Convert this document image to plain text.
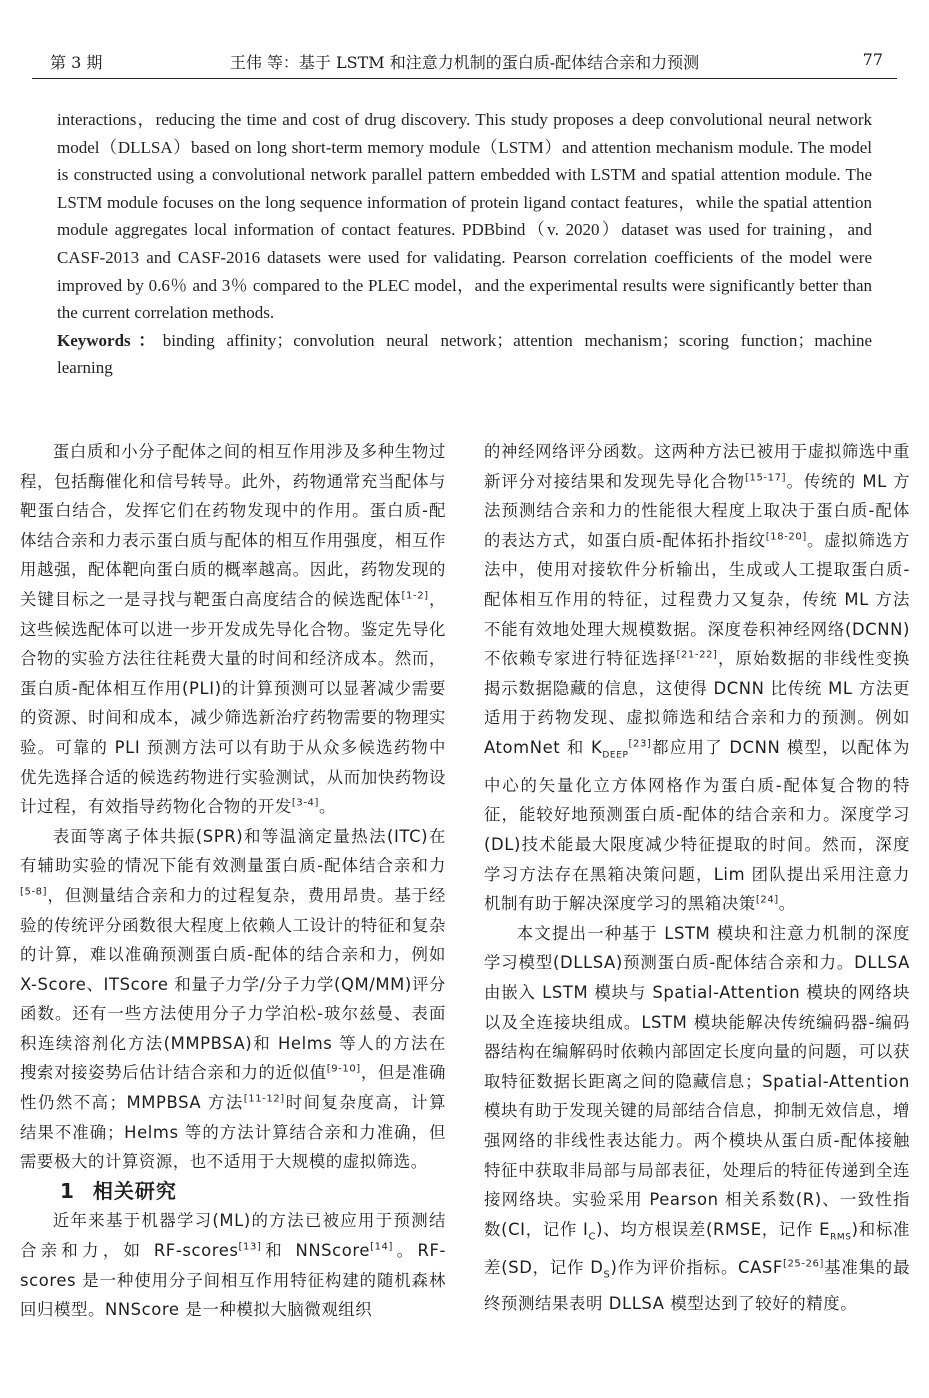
第 3 期	王伟 等：基于 LSTM 和注意力机制的蛋白质-配体结合亲和力预测	77

interactions，reducing the time and cost of drug discovery. This study proposes a deep convolutional neural network model（DLLSA）based on long short-term memory module（LSTM）and attention mechanism module. The model is constructed using a convolutional network parallel pattern embedded with LSTM and spatial attention module. The LSTM module focuses on the long sequence information of protein ligand contact features，while the spatial attention module aggregates local information of contact features. PDBbind（v. 2020）dataset was used for training，and CASF-2013 and CASF-2016 datasets were used for validating. Pearson correlation coefficients of the model were improved by 0.6％ and 3％ compared to the PLEC model，and the experimental results were significantly better than the current correlation methods.

Keywords：binding affinity；convolution neural network；attention mechanism；scoring function；machine learning

蛋白质和小分子配体之间的相互作用涉及多种生物过程，包括酶催化和信号转导。此外，药物通常充当配体与靶蛋白结合，发挥它们在药物发现中的作用。蛋白质-配体结合亲和力表示蛋白质与配体的相互作用强度，相互作用越强，配体靶向蛋白质的概率越高。因此，药物发现的关键目标之一是寻找与靶蛋白高度结合的候选配体[1-2]，这些候选配体可以进一步开发成先导化合物。鉴定先导化合物的实验方法往往耗费大量的时间和经济成本。然而，蛋白质-配体相互作用(PLI)的计算预测可以显著减少需要的资源、时间和成本，减少筛选新治疗药物需要的物理实验。可靠的 PLI 预测方法可以有助于从众多候选药物中优先选择合适的候选药物进行实验测试，从而加快药物设计过程，有效指导药物化合物的开发[3-4]。

表面等离子体共振(SPR)和等温滴定量热法(ITC)在有辅助实验的情况下能有效测量蛋白质-配体结合亲和力[5-8]，但测量结合亲和力的过程复杂，费用昂贵。基于经验的传统评分函数很大程度上依赖人工设计的特征和复杂的计算，难以准确预测蛋白质-配体的结合亲和力，例如 X-Score、ITScore 和量子力学/分子力学(QM/MM)评分函数。还有一些方法使用分子力学泊松-玻尔兹曼、表面积连续溶剂化方法(MMPBSA)和 Helms 等人的方法在搜索对接姿势后估计结合亲和力的近似值[9-10]，但是准确性仍然不高；MMPBSA 方法[11-12]时间复杂度高，计算结果不准确；Helms 等的方法计算结合亲和力准确，但需要极大的计算资源，也不适用于大规模的虚拟筛选。

1 相关研究

近年来基于机器学习(ML)的方法已被应用于预测结合亲和力，如 RF-scores[13]和 NNScore[14]。RF-scores 是一种使用分子间相互作用特征构建的随机森林回归模型。NNScore 是一种模拟大脑微观组织

的神经网络评分函数。这两种方法已被用于虚拟筛选中重新评分对接结果和发现先导化合物[15-17]。传统的 ML 方法预测结合亲和力的性能很大程度上取决于蛋白质-配体的表达方式，如蛋白质-配体拓扑指纹[18-20]。虚拟筛选方法中，使用对接软件分析输出，生成或人工提取蛋白质-配体相互作用的特征，过程费力又复杂，传统 ML 方法不能有效地处理大规模数据。深度卷积神经网络(DCNN)不依赖专家进行特征选择[21-22]，原始数据的非线性变换揭示数据隐藏的信息，这使得 DCNN 比传统 ML 方法更适用于药物发现、虚拟筛选和结合亲和力的预测。例如 AtomNet 和 $K_{DEEP}[23]$都应用了 DCNN 模型，以配体为中心的矢量化立方体网格作为蛋白质-配体复合物的特征，能较好地预测蛋白质-配体的结合亲和力。深度学习(DL)技术能最大限度减少特征提取的时间。然而，深度学习方法存在黑箱决策问题，Lim 团队提出采用注意力机制有助于解决深度学习的黑箱决策[24]。

本文提出一种基于 LSTM 模块和注意力机制的深度学习模型(DLLSA)预测蛋白质-配体结合亲和力。DLLSA 由嵌入 LSTM 模块与 Spatial-Attention 模块的网络块以及全连接块组成。LSTM 模块能解决传统编码器-编码器结构在编解码时依赖内部固定长度向量的问题，可以获取特征数据长距离之间的隐藏信息；Spatial-Attention 模块有助于发现关键的局部结合信息，抑制无效信息，增强网络的非线性表达能力。两个模块从蛋白质-配体接触特征中获取非局部与局部表征，处理后的特征传递到全连接网络块。实验采用 Pearson 相关系数(R)、一致性指数(CI，记作 $I_C$)、均方根误差(RMSE，记作 $E_{RMS}$)和标准差(SD，记作 $D_S$)作为评价指标。CASF[25-26]基准集的最终预测结果表明 DLLSA 模型达到了较好的精度。
